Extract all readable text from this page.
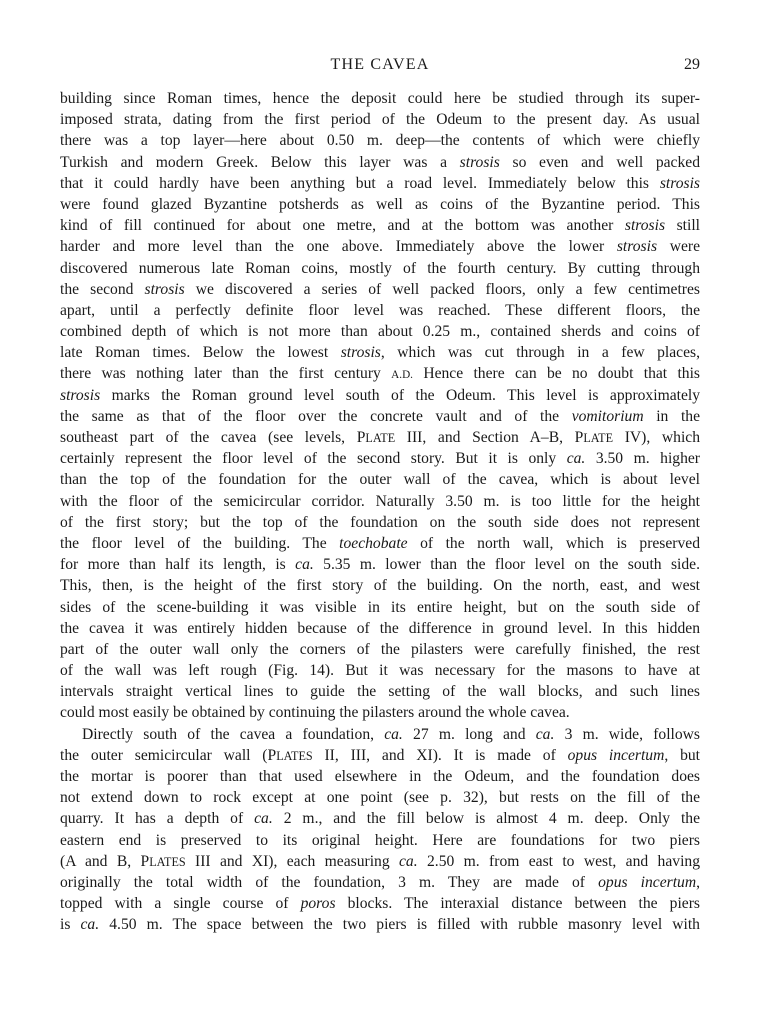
THE CAVEA	29
building since Roman times, hence the deposit could here be studied through its super-
imposed strata, dating from the first period of the Odeum to the present day. As usual
there was a top layer—here about 0.50 m. deep—the contents of which were chiefly
Turkish and modern Greek. Below this layer was a strosis so even and well packed
that it could hardly have been anything but a road level. Immediately below this strosis
were found glazed Byzantine potsherds as well as coins of the Byzantine period. This
kind of fill continued for about one metre, and at the bottom was another strosis still
harder and more level than the one above. Immediately above the lower strosis were
discovered numerous late Roman coins, mostly of the fourth century. By cutting through
the second strosis we discovered a series of well packed floors, only a few centimetres
apart, until a perfectly definite floor level was reached. These different floors, the
combined depth of which is not more than about 0.25 m., contained sherds and coins of
late Roman times. Below the lowest strosis, which was cut through in a few places,
there was nothing later than the first century A.D. Hence there can be no doubt that this
strosis marks the Roman ground level south of the Odeum. This level is approximately
the same as that of the floor over the concrete vault and of the vomitorium in the
southeast part of the cavea (see levels, PLATE III, and Section A–B, PLATE IV), which
certainly represent the floor level of the second story. But it is only ca. 3.50 m. higher
than the top of the foundation for the outer wall of the cavea, which is about level
with the floor of the semicircular corridor. Naturally 3.50 m. is too little for the height
of the first story; but the top of the foundation on the south side does not represent
the floor level of the building. The toechobate of the north wall, which is preserved
for more than half its length, is ca. 5.35 m. lower than the floor level on the south side.
This, then, is the height of the first story of the building. On the north, east, and west
sides of the scene-building it was visible in its entire height, but on the south side of
the cavea it was entirely hidden because of the difference in ground level. In this hidden
part of the outer wall only the corners of the pilasters were carefully finished, the rest
of the wall was left rough (Fig. 14). But it was necessary for the masons to have at
intervals straight vertical lines to guide the setting of the wall blocks, and such lines
could most easily be obtained by continuing the pilasters around the whole cavea.
Directly south of the cavea a foundation, ca. 27 m. long and ca. 3 m. wide, follows
the outer semicircular wall (PLATES II, III, and XI). It is made of opus incertum, but
the mortar is poorer than that used elsewhere in the Odeum, and the foundation does
not extend down to rock except at one point (see p. 32), but rests on the fill of the
quarry. It has a depth of ca. 2 m., and the fill below is almost 4 m. deep. Only the
eastern end is preserved to its original height. Here are foundations for two piers
(A and B, PLATES III and XI), each measuring ca. 2.50 m. from east to west, and having
originally the total width of the foundation, 3 m. They are made of opus incertum,
topped with a single course of poros blocks. The interaxial distance between the piers
is ca. 4.50 m. The space between the two piers is filled with rubble masonry level with
